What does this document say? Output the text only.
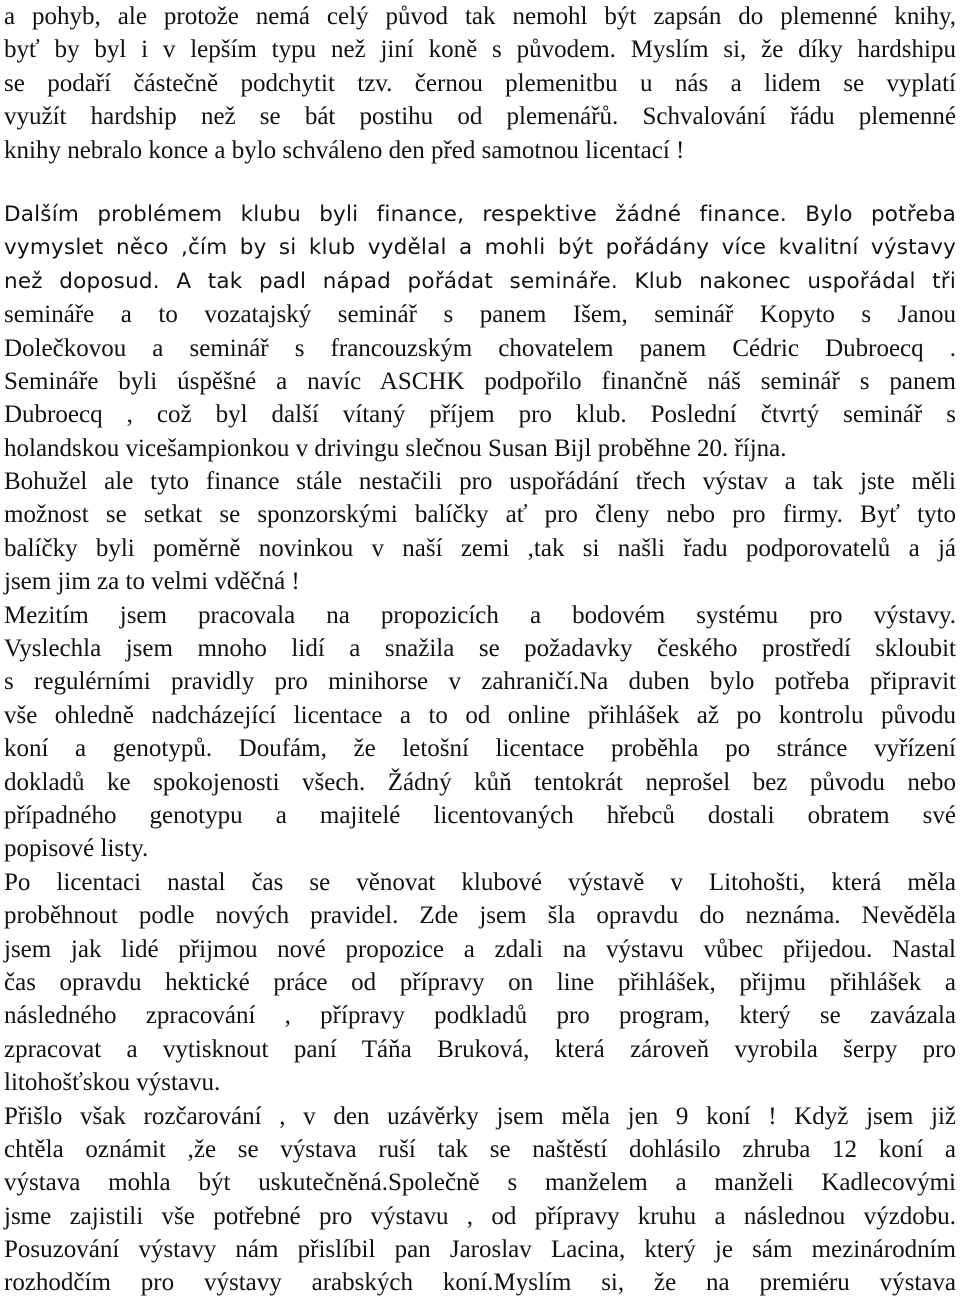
a pohyb, ale protože nemá celý původ tak nemohl být zapsán do plemenné knihy,
byť by byl i v lepším typu než jiní koně s původem. Myslím si, že díky hardshipu
se podaří částečně podchytit tzv. černou plemenitbu u nás a lidem se vyplatí
využít hardship než se bát postihu od plemenářů. Schvalování řádu plemenné
knihy nebralo konce a bylo schváleno den před samotnou licentací !
Dalším problémem klubu byli finance, respektive žádné finance. Bylo potřeba
vymyslet něco ,čím by si klub vydělal a mohli být pořádány více kvalitní výstavy
než doposud. A tak padl nápad pořádat semináře. Klub nakonec uspořádal tři
semináře a to vozatajský seminář s panem Išem, seminář Kopyto s Janou
Dolečkovou a seminář s francouzským chovatelem panem Cédric Dubroecq .
Semináře byli úspěšné a navíc ASCHK podpořilo finančně náš seminář s panem
Dubroecq , což byl další vítaný příjem pro klub. Poslední čtvrtý seminář s
holandskou vicešampionkou v drivingu slečnou Susan Bijl proběhne 20. října.
Bohužel ale tyto finance stále nestačili pro uspořádání třech výstav a tak jste měli
možnost se setkat se sponzorskými balíčky ať pro členy nebo pro firmy. Byť tyto
balíčky byli poměrně novinkou v naší zemi ,tak si našli řadu podporovatelů a já
jsem jim za to velmi vděčná !
Mezitím jsem pracovala na propozicích a bodovém systému pro výstavy.
Vyslechla jsem mnoho lidí a snažila se požadavky českého prostředí skloubit
s regulérními pravidly pro minihorse v zahraničí.Na duben bylo potřeba připravit
vše ohledně nadcházející licentace a to od online přihlášek až po kontrolu původu
koní a genotypů. Doufám, že letošní licentace proběhla po stránce vyřízení
dokladů ke spokojenosti všech. Žádný kůň tentokrát neprošel bez původu nebo
případného genotypu a majitelé licentovaných hřebců dostali obratem své
popisové listy.
Po licentaci nastal čas se věnovat klubové výstavě v Litohošti, která měla
proběhnout podle nových pravidel. Zde jsem šla opravdu do neznáma. Nevěděla
jsem jak lidé přijmou nové propozice a zdali na výstavu vůbec přijedou. Nastal
čas opravdu hektické práce od přípravy on line přihlášek, přijmu přihlášek a
následného zpracování , přípravy podkladů pro program, který se zavázala
zpracovat a vytisknout paní Táňa Bruková, která zároveň vyrobila šerpy pro
litohošťskou výstavu.
Přišlo však rozčarování , v den uzávěrky jsem měla jen 9 koní ! Když jsem již
chtěla oznámit ,že se výstava ruší tak se naštěstí dohlásilo zhruba 12 koní a
výstava mohla být uskutečněná.Společně s manželem a manželi Kadlecovými
jsme zajistili vše potřebné pro výstavu , od přípravy kruhu a následnou výzdobu.
Posuzování výstavy nám přislíbil pan Jaroslav Lacina, který je sám mezinárodním
rozhodčím pro výstavy arabských koní.Myslím si, že na premiéru výstava
